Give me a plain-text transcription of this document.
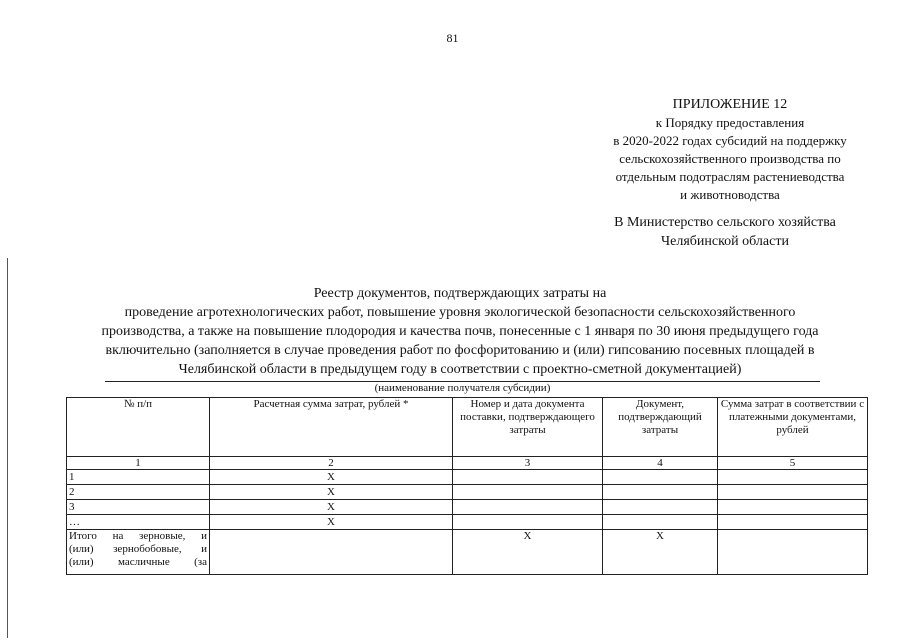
81
ПРИЛОЖЕНИЕ 12
к Порядку предоставления
в 2020-2022 годах субсидий на поддержку
сельскохозяйственного производства по
отдельным подотраслям растениеводства
и животноводства
В Министерство сельского хозяйства
Челябинской области
Реестр документов, подтверждающих затраты на
проведение агротехнологических работ, повышение уровня экологической безопасности сельскохозяйственного
производства, а также на повышение плодородия и качества почв, понесенные с 1 января по 30 июня предыдущего года
включительно (заполняется в случае проведения работ по фосфоритованию и (или) гипсованию посевных площадей в
Челябинской области в предыдущем году в соответствии с проектно-сметной документацией)
(наименование получателя субсидии)
№ п/п	Расчетная сумма затрат, рублей *	Номер и дата документа поставки, подтверждающего затраты	Документ, подтверждающий затраты	Сумма затрат в соответствии с платежными документами, рублей
1	2	3	4	5
1	Х			
2	Х			
3	Х			
…	Х			

Итого на зерновые, и
(или) зернобобовые, и
(или) масличные (за		Х	Х	
